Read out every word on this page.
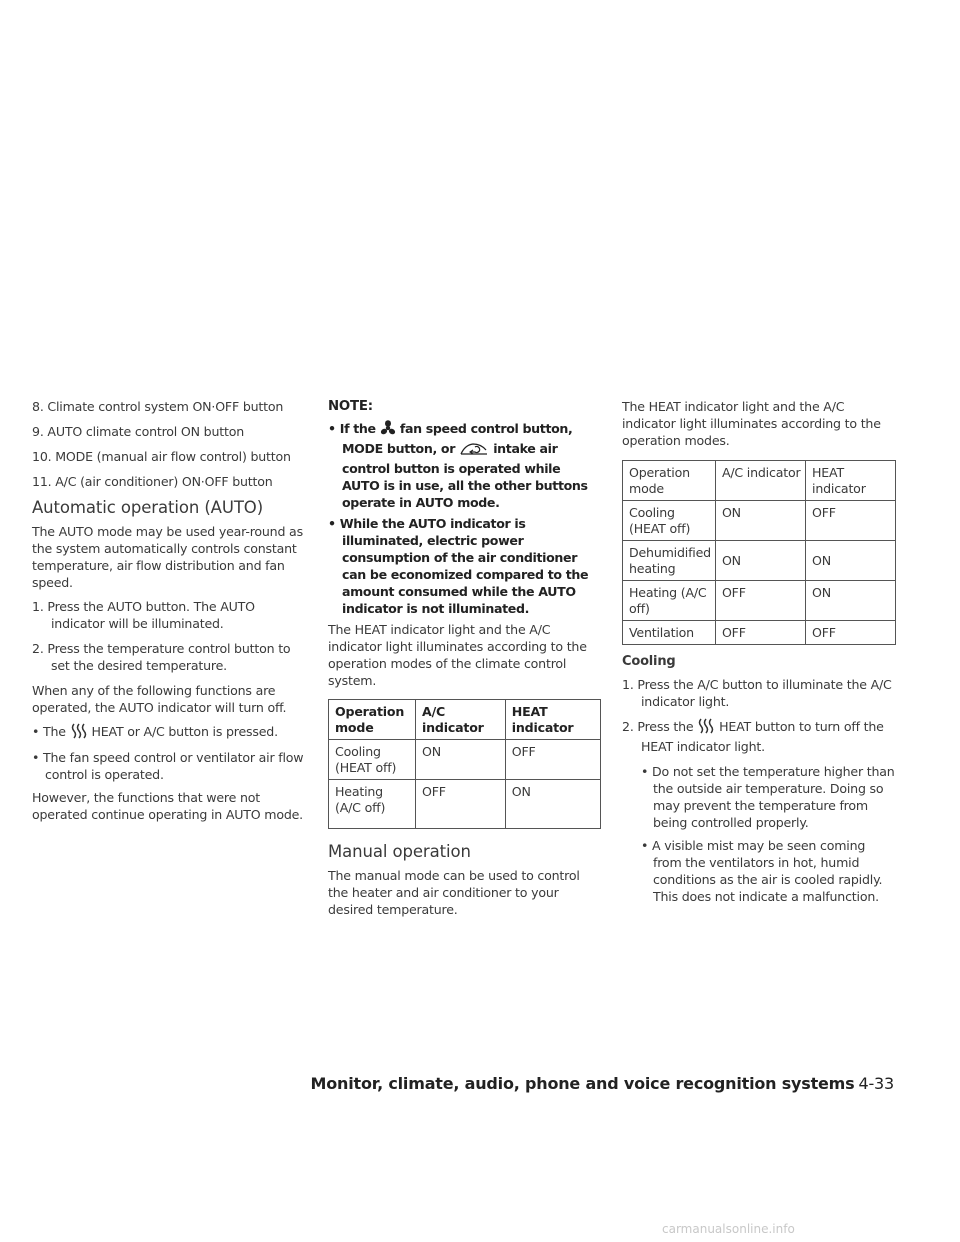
8. Climate control system ON·OFF button

9. AUTO climate control ON button

10. MODE (manual air flow control) button

11. A/C (air conditioner) ON·OFF button

Automatic operation (AUTO)

The AUTO mode may be used year-round as the system automatically controls constant temperature, air flow distribution and fan speed.

1. Press the AUTO button. The AUTO indicator will be illuminated.

2. Press the temperature control button to set the desired temperature.

When any of the following functions are operated, the AUTO indicator will turn off.

• The HEAT or A/C button is pressed.

• The fan speed control or ventilator air flow control is operated.

However, the functions that were not operated continue operating in AUTO mode.

NOTE:

• If the fan speed control button, MODE button, or	intake air control button is operated while AUTO is in use, all the other buttons operate in AUTO mode.

• While the AUTO indicator is illuminated, electric power consumption of the air conditioner can be economized compared to the amount consumed while the AUTO indicator is not illuminated.

The HEAT indicator light and the A/C indicator light illuminates according to the operation modes of the climate control system.

Operation mode	A/C indicator	HEAT indicator
Cooling (HEAT off)	ON	OFF
Heating (A/C off)	OFF	ON
Manual operation

The manual mode can be used to control the heater and air conditioner to your desired temperature.

The HEAT indicator light and the A/C indicator light illuminates according to the operation modes.

Operation mode	A/C indicator	HEAT indicator
Cooling (HEAT off)	ON	OFF
Dehumidified heating	ON	ON
Heating (A/C off)	OFF	ON
Ventilation	OFF	OFF
Cooling

1. Press the A/C button to illuminate the A/C indicator light.

2. Press the HEAT button to turn off the HEAT indicator light.

• Do not set the temperature higher than the outside air temperature. Doing so may prevent the temperature from being controlled properly.

• A visible mist may be seen coming from the ventilators in hot, humid conditions as the air is cooled rapidly. This does not indicate a malfunction.

Monitor, climate, audio, phone and voice recognition systems 4-33
carmanualsonline.info
